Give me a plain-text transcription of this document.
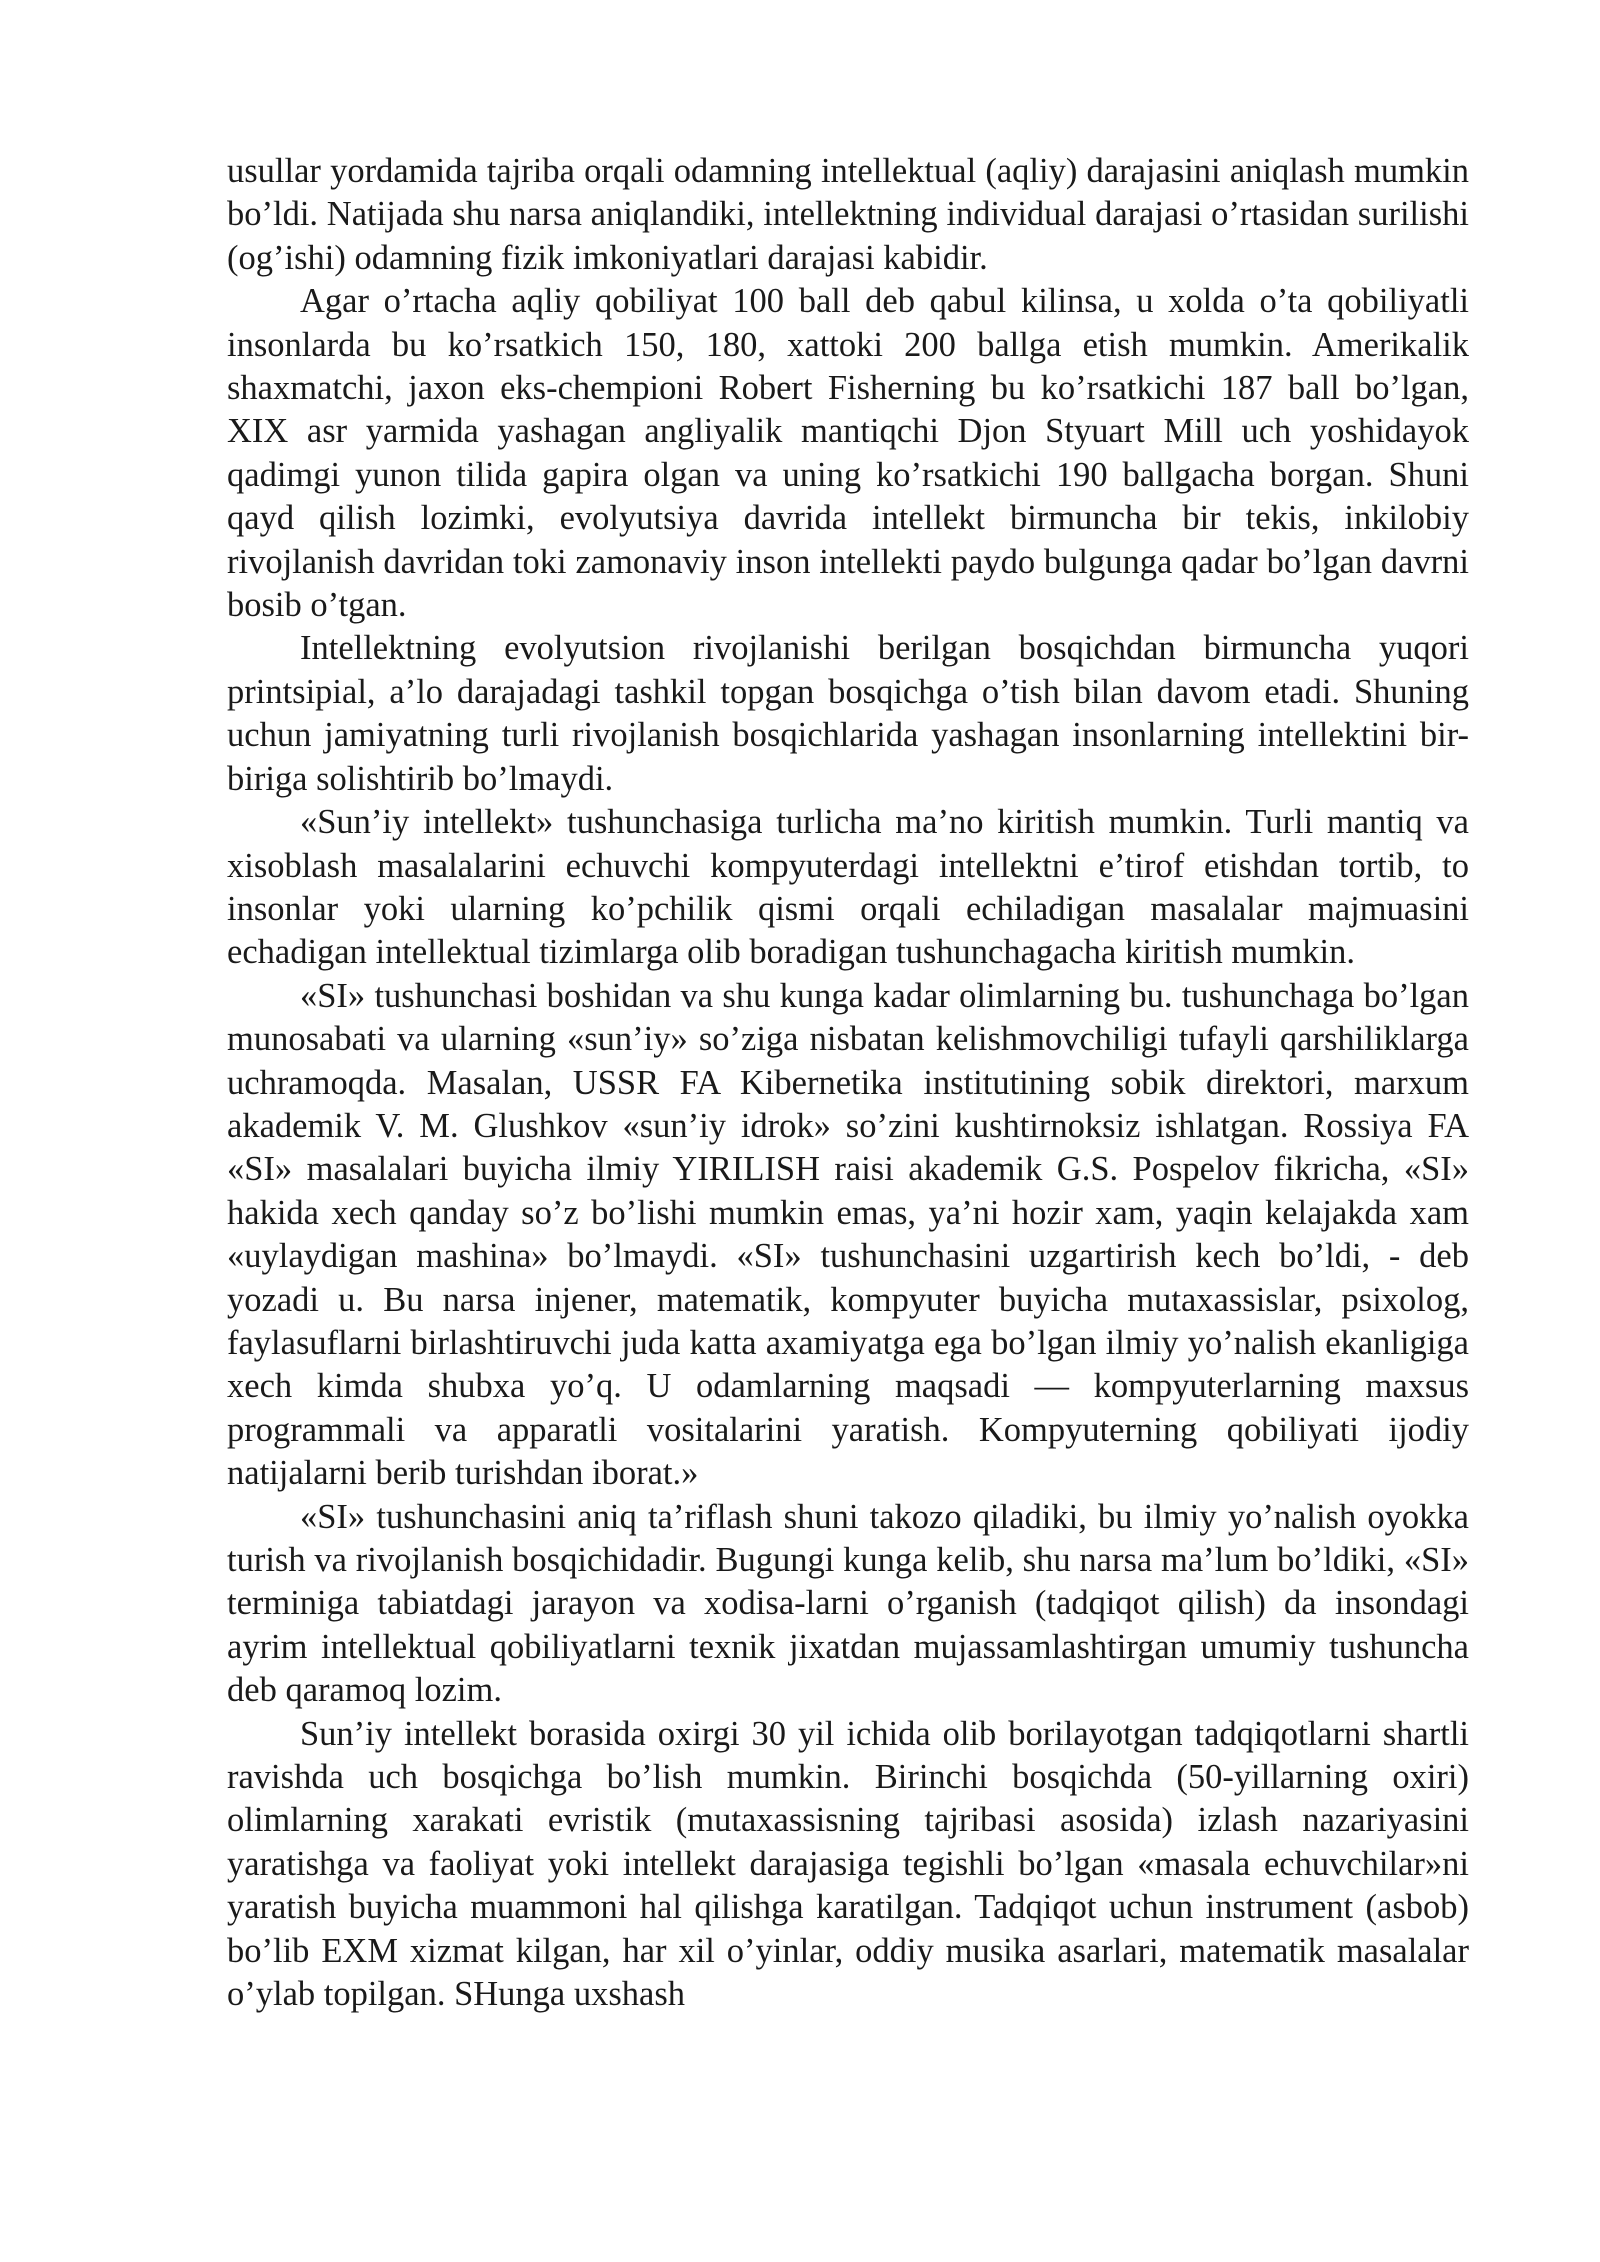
usullar yordamida tajriba orqali odamning intellektual (aqliy) darajasini aniqlash mumkin bo’ldi. Natijada shu narsa aniqlandiki, intellektning individual darajasi o’rtasidan surilishi (og’ishi) odamning fizik imkoniyatlari darajasi kabidir.

Agar o’rtacha aqliy qobiliyat 100 ball deb qabul kilinsa, u xolda o’ta qobiliyatli insonlarda bu ko’rsatkich 150, 180, xattoki 200 ballga etish mumkin. Amerikalik shaxmatchi, jaxon eks-chempioni Robert Fisherning bu ko’rsatkichi 187 ball bo’lgan, XIX asr yarmida yashagan angliyalik mantiqchi Djon Styuart Mill uch yoshidayok qadimgi yunon tilida gapira olgan va uning ko’rsatkichi 190 ballgacha borgan. Shuni qayd qilish lozimki, evolyutsiya davrida intellekt birmuncha bir tekis, inkilobiy rivojlanish davridan toki zamonaviy inson intellekti paydo bulgunga qadar bo’lgan davrni bosib o’tgan.

Intellektning evolyutsion rivojlanishi berilgan bosqichdan birmuncha yuqori printsipial, a’lo darajadagi tashkil topgan bosqichga o’tish bilan davom etadi. Shuning uchun jamiyatning turli rivojlanish bosqichlarida yashagan insonlarning intellektini bir-biriga solishtirib bo’lmaydi.

«Sun’iy intellekt» tushunchasiga turlicha ma’no kiritish mumkin. Turli mantiq va xisoblash masalalarini echuvchi kompyuterdagi intellektni e’tirof etishdan tortib, to insonlar yoki ularning ko’pchilik qismi orqali echiladigan masalalar majmuasini echadigan intellektual tizimlarga olib boradigan tushunchagacha kiritish mumkin.

«SI» tushunchasi boshidan va shu kunga kadar olimlarning bu. tushunchaga bo’lgan munosabati va ularning «sun’iy» so’ziga nisbatan kelishmovchiligi tufayli qarshiliklarga uchramoqda. Masalan, USSR FA Kibernetika institutining sobik direktori, marxum akademik V. M. Glushkov «sun’iy idrok» so’zini kushtirnoksiz ishlatgan. Rossiya FA «SI» masalalari buyicha ilmiy YIRILISH raisi akademik G.S. Pospelov fikricha, «SI» hakida xech qanday so’z bo’lishi mumkin emas, ya’ni hozir xam, yaqin kelajakda xam «uylaydigan mashina» bo’lmaydi. «SI» tushunchasini uzgartirish kech bo’ldi, - deb yozadi u. Bu narsa injener, matematik, kompyuter buyicha mutaxassislar, psixolog, faylasuflarni birlashtiruvchi juda katta axamiyatga ega bo’lgan ilmiy yo’nalish ekanligiga xech kimda shubxa yo’q. U odamlarning maqsadi — kompyuterlarning maxsus programmali va apparatli vositalarini yaratish. Kompyuterning qobiliyati ijodiy natijalarni berib turishdan iborat.»

«SI» tushunchasini aniq ta’riflash shuni takozo qiladiki, bu ilmiy yo’nalish oyokka turish va rivojlanish bosqichidadir. Bugungi kunga kelib, shu narsa ma’lum bo’ldiki, «SI» terminiga tabiatdagi jarayon va xodisa-larni o’rganish (tadqiqot qilish) da insondagi ayrim intellektual qobiliyatlarni texnik jixatdan mujassamlashtirgan umumiy tushuncha deb qaramoq lozim.

Sun’iy intellekt borasida oxirgi 30 yil ichida olib borilayotgan tadqiqotlarni shartli ravishda uch bosqichga bo’lish mumkin. Birinchi bosqichda (50-yillarning oxiri) olimlarning xarakati evristik (mutaxassisning tajribasi asosida) izlash nazariyasini yaratishga va faoliyat yoki intellekt darajasiga tegishli bo’lgan «masala echuvchilar»ni yaratish buyicha muammoni hal qilishga karatilgan. Tadqiqot uchun instrument (asbob) bo’lib EXM xizmat kilgan, har xil o’yinlar, oddiy musika asarlari, matematik masalalar o’ylab topilgan. SHunga uxshash
